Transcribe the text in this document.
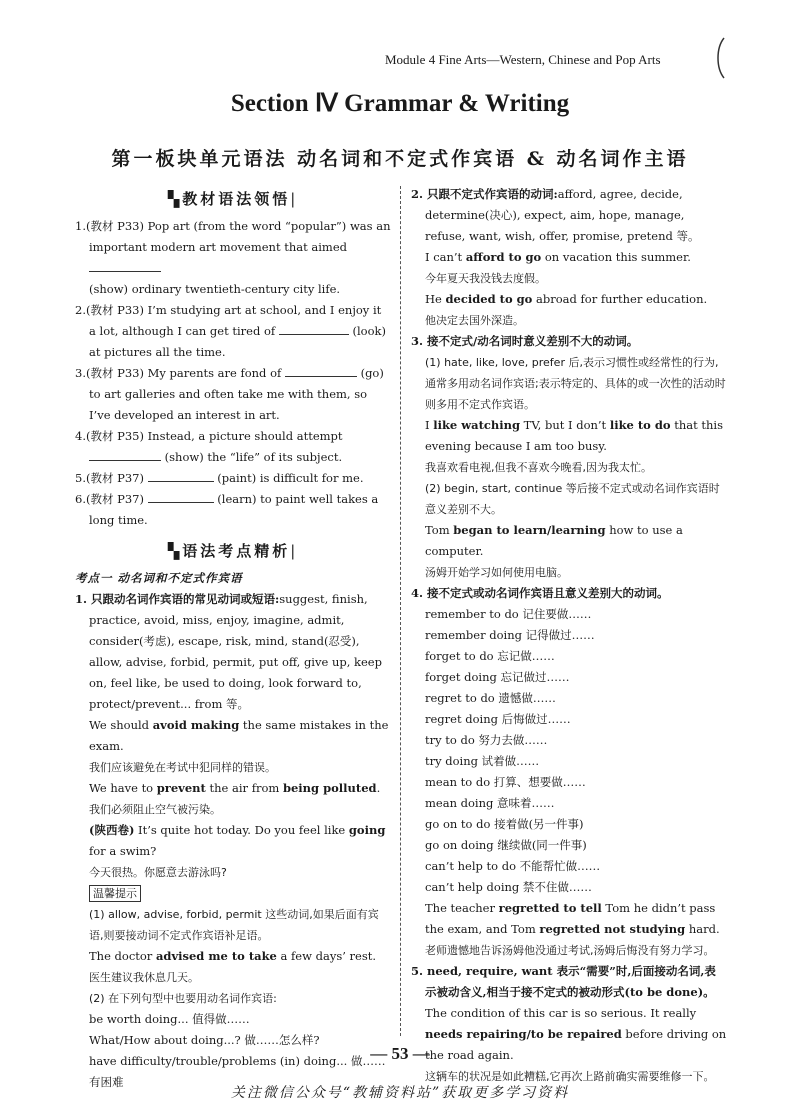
Module 4 Fine Arts—Western, Chinese and Pop Arts
Section Ⅳ Grammar & Writing
第一板块单元语法 动名词和不定式作宾语 & 动名词作主语
▚教材语法领悟|
1.(教材 P33) Pop art (from the word “popular”) was an important modern art movement that aimed
(show) ordinary twentieth-century city life.
2.(教材 P33) I’m studying art at school, and I enjoy it a lot, although I can get tired of	(look) at pictures all the time.
3.(教材 P33) My parents are fond of	(go) to art galleries and often take me with them, so I’ve developed an interest in art.
4.(教材 P35) Instead, a picture should attempt  (show) the “life” of its subject.
5.(教材 P37)	(paint) is difficult for me.
6.(教材 P37)	(learn) to paint well takes a long time.
▚语法考点精析|
考点一 动名词和不定式作宾语
1. 只跟动名词作宾语的常见动词或短语:suggest, finish, practice, avoid, miss, enjoy, imagine, admit, consider(考虑), escape, risk, mind, stand(忍受), allow, advise, forbid, permit, put off, give up, keep on, feel like, be used to doing, look forward to, protect/prevent... from 等。
We should avoid making the same mistakes in the exam.
我们应该避免在考试中犯同样的错误。
We have to prevent the air from being polluted.
我们必须阻止空气被污染。
(陕西卷) It’s quite hot today. Do you feel like going for a swim?
今天很热。你愿意去游泳吗?
温馨提示
(1) allow, advise, forbid, permit 这些动词,如果后面有宾语,则要接动词不定式作宾语补足语。
The doctor advised me to take a few days’ rest.
医生建议我休息几天。
(2) 在下列句型中也要用动名词作宾语:
be worth doing... 值得做……
What/How about doing...? 做……怎么样?
have difficulty/trouble/problems (in) doing... 做……有困难
2. 只跟不定式作宾语的动词:afford, agree, decide, determine(决心), expect, aim, hope, manage, refuse, want, wish, offer, promise, pretend 等。
I can’t afford to go on vacation this summer.
今年夏天我没钱去度假。
He decided to go abroad for further education.
他决定去国外深造。
3. 接不定式/动名词时意义差别不大的动词。
(1) hate, like, love, prefer 后,表示习惯性或经常性的行为,通常多用动名词作宾语;表示特定的、具体的或一次性的活动时则多用不定式作宾语。
I like watching TV, but I don’t like to do that this evening because I am too busy.
我喜欢看电视,但我不喜欢今晚看,因为我太忙。
(2) begin, start, continue 等后接不定式或动名词作宾语时意义差别不大。
Tom began to learn/learning how to use a computer.
汤姆开始学习如何使用电脑。
4. 接不定式或动名词作宾语且意义差别大的动词。
remember to do 记住要做……
remember doing 记得做过……
forget to do 忘记做……
forget doing 忘记做过……
regret to do 遗憾做……
regret doing 后悔做过……
try to do 努力去做……
try doing 试着做……
mean to do 打算、想要做……
mean doing 意味着……
go on to do 接着做(另一件事)
go on doing 继续做(同一件事)
can’t help to do 不能帮忙做……
can’t help doing 禁不住做……
The teacher regretted to tell Tom he didn’t pass the exam, and Tom regretted not studying hard.
老师遗憾地告诉汤姆他没通过考试,汤姆后悔没有努力学习。
5. need, require, want 表示“需要”时,后面接动名词,表示被动含义,相当于接不定式的被动形式(to be done)。
The condition of this car is so serious. It really needs repairing/to be repaired before driving on the road again.
这辆车的状况是如此糟糕,它再次上路前确实需要维修一下。
— 53 —
关注微信公众号“教辅资料站”获取更多学习资料
